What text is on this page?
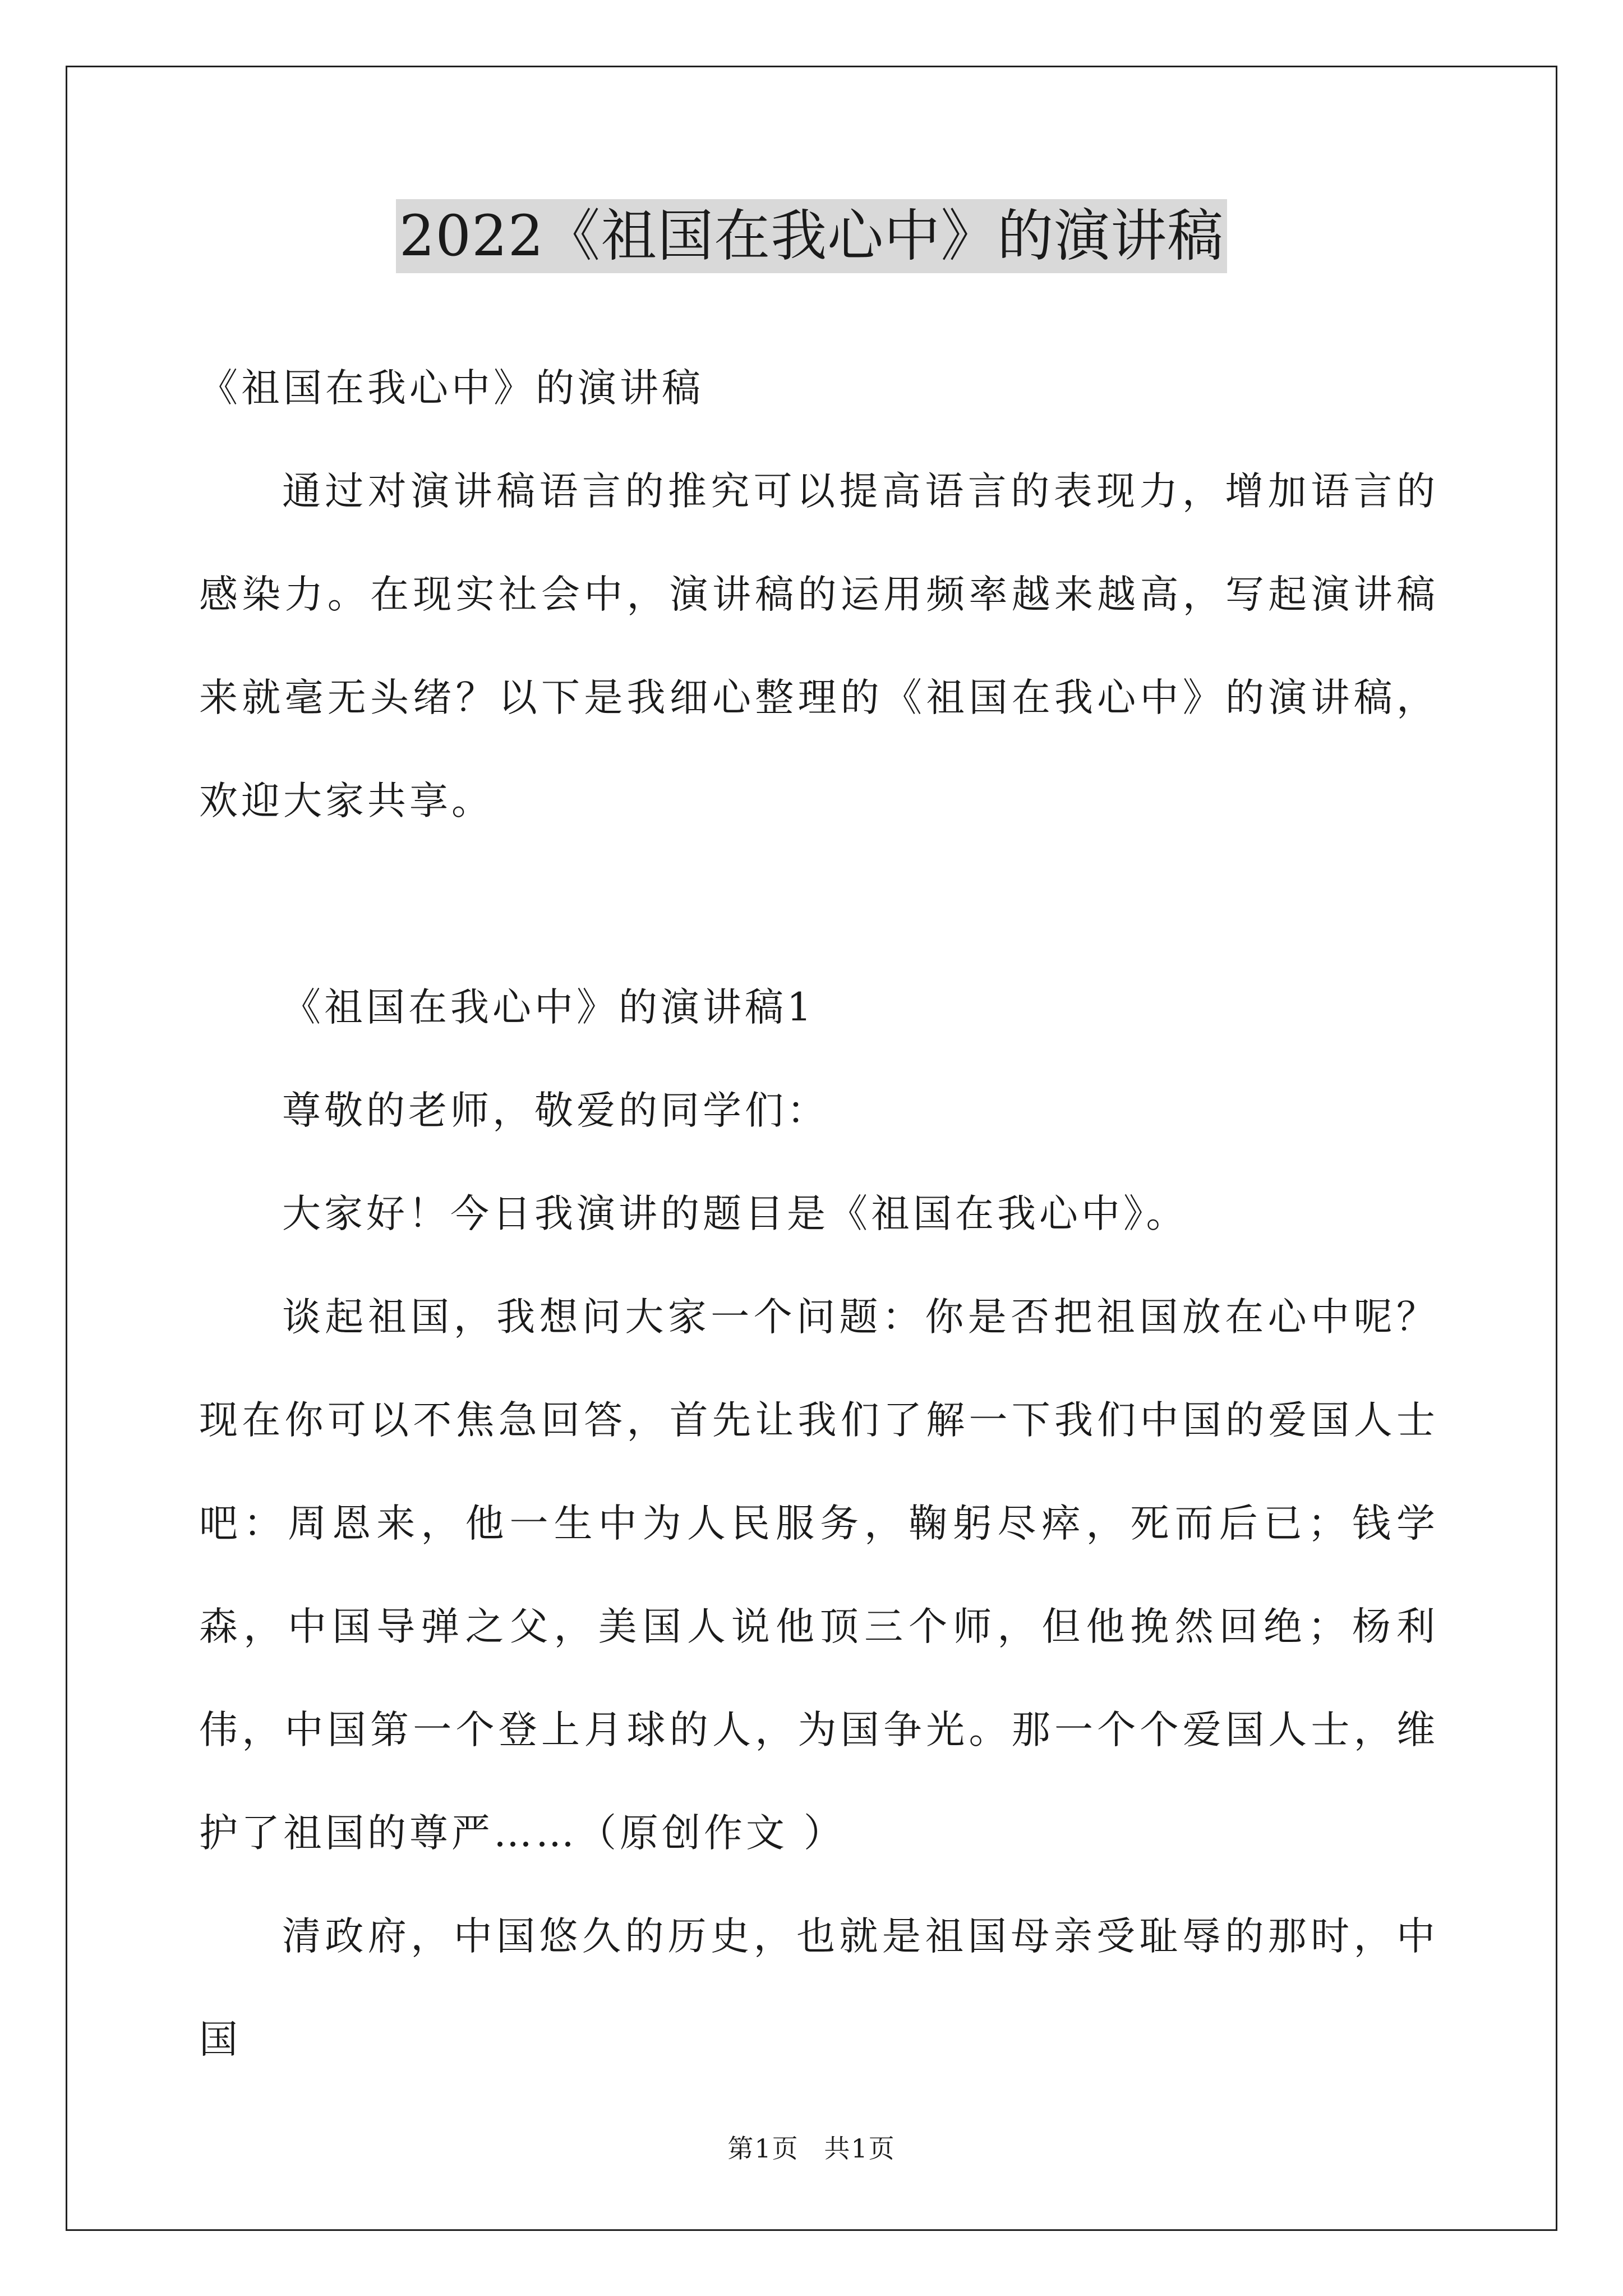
2022《祖国在我心中》的演讲稿

《祖国在我心中》的演讲稿

通过对演讲稿语言的推究可以提高语言的表现力，增加语言的感染力。在现实社会中，演讲稿的运用频率越来越高，写起演讲稿来就毫无头绪？以下是我细心整理的《祖国在我心中》的演讲稿，欢迎大家共享。

《祖国在我心中》的演讲稿1

尊敬的老师，敬爱的同学们：

大家好！今日我演讲的题目是《祖国在我心中》。

谈起祖国，我想问大家一个问题：你是否把祖国放在心中呢？现在你可以不焦急回答，首先让我们了解一下我们中国的爱国人士吧：周恩来，他一生中为人民服务，鞠躬尽瘁，死而后已；钱学森，中国导弹之父，美国人说他顶三个师，但他挽然回绝；杨利伟，中国第一个登上月球的人，为国争光。那一个个爱国人士，维护了祖国的尊严……（原创作文 ）

清政府，中国悠久的历史，也就是祖国母亲受耻辱的那时，中国

第1页 共1页
